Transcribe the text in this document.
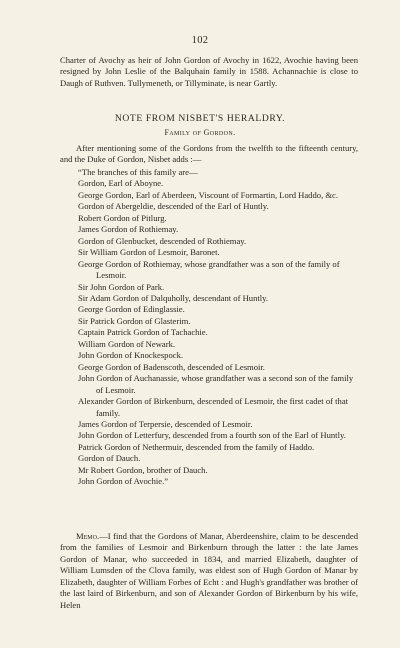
102

Charter of Avochy as heir of John Gordon of Avochy in 1622, Avochie having been resigned by John Leslie of the Balquhain family in 1588. Achannachie is close to Daugh of Ruthven. Tullymeneth, or Tillyminate, is near Gartly.

NOTE FROM NISBET'S HERALDRY.
Family of Gordon.

After mentioning some of the Gordons from the twelfth to the fifteenth century, and the Duke of Gordon, Nisbet adds :—

“The branches of this family are—
Gordon, Earl of Aboyne.
George Gordon, Earl of Aberdeen, Viscount of Formartin, Lord Haddo, &c.
Gordon of Abergeldie, descended of the Earl of Huntly.
Robert Gordon of Pitlurg.
James Gordon of Rothiemay.
Gordon of Glenbucket, descended of Rothiemay.
Sir William Gordon of Lesmoir, Baronet.
George Gordon of Rothiemay, whose grandfather was a son of the family of Lesmoir.
Sir John Gordon of Park.
Sir Adam Gordon of Dalquholly, descendant of Huntly.
George Gordon of Edinglassie.
Sir Patrick Gordon of Glasterim.
Captain Patrick Gordon of Tachachie.
William Gordon of Newark.
John Gordon of Knockespock.
George Gordon of Badenscoth, descended of Lesmoir.
John Gordon of Auchanassie, whose grandfather was a second son of the family of Lesmoir.
Alexander Gordon of Birkenburn, descended of Lesmoir, the first cadet of that family.
James Gordon of Terpersie, descended of Lesmoir.
John Gordon of Letterfury, descended from a fourth son of the Earl of Huntly.
Patrick Gordon of Nethermuir, descended from the family of Haddo.
Gordon of Dauch.
Mr Robert Gordon, brother of Dauch.
John Gordon of Avochie.”

Memo.—I find that the Gordons of Manar, Aberdeenshire, claim to be descended from the families of Lesmoir and Birkenburn through the latter : the late James Gordon of Manar, who succeeded in 1834, and married Elizabeth, daughter of William Lumsden of the Clova family, was eldest son of Hugh Gordon of Manar by Elizabeth, daughter of William Forbes of Echt : and Hugh's grandfather was brother of the last laird of Birkenburn, and son of Alexander Gordon of Birkenburn by his wife, Helen
